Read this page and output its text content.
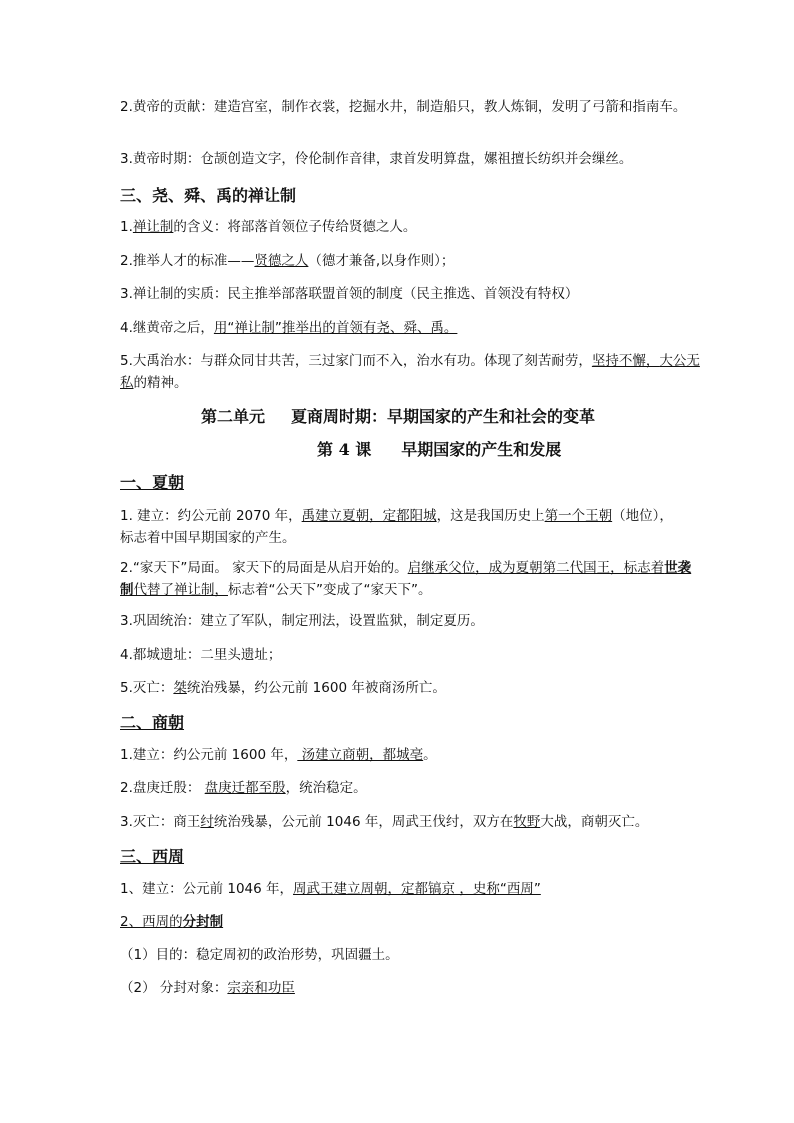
2.黄帝的贡献：建造宫室，制作衣裳，挖掘水井，制造船只，教人炼铜，发明了弓箭和指南车。
3.黄帝时期：仓颉创造文字，伶伦制作音律，隶首发明算盘，嫘祖擅长纺织并会缫丝。
三、尧、舜、禹的禅让制
1.禅让制的含义：将部落首领位子传给贤德之人。
2.推举人才的标准——贤德之人（德才兼备,以身作则）；
3.禅让制的实质：民主推举部落联盟首领的制度（民主推选、首领没有特权）
4.继黄帝之后，用“禅让制”推举出的首领有尧、舜、禹。
5.大禹治水：与群众同甘共苦，三过家门而不入，治水有功。体现了刻苦耐劳，坚持不懈，大公无私的精神。
第二单元 夏商周时期：早期国家的产生和社会的变革
第 4 课 早期国家的产生和发展
一、夏朝
1. 建立：约公元前 2070 年，禹建立夏朝，定都阳城，这是我国历史上第一个王朝（地位），
标志着中国早期国家的产生。
2.“家天下”局面。 家天下的局面是从启开始的。启继承父位，成为夏朝第二代国王，标志着世袭制代替了禅让制，标志着“公天下”变成了“家天下”。
3.巩固统治：建立了军队，制定刑法，设置监狱，制定夏历。
4.都城遗址：二里头遗址；
5.灭亡：桀统治残暴，约公元前 1600 年被商汤所亡。
二、商朝
1.建立：约公元前 1600 年， 汤建立商朝，都城亳。
2.盘庚迁殷： 盘庚迁都至殷，统治稳定。
3.灭亡：商王纣统治残暴，公元前 1046 年，周武王伐纣，双方在牧野大战，商朝灭亡。
三、西周
1、建立：公元前 1046 年，周武王建立周朝，定都镐京 ，史称“西周”
2、西周的分封制
（1）目的：稳定周初的政治形势，巩固疆土。
（2） 分封对象：宗亲和功臣
